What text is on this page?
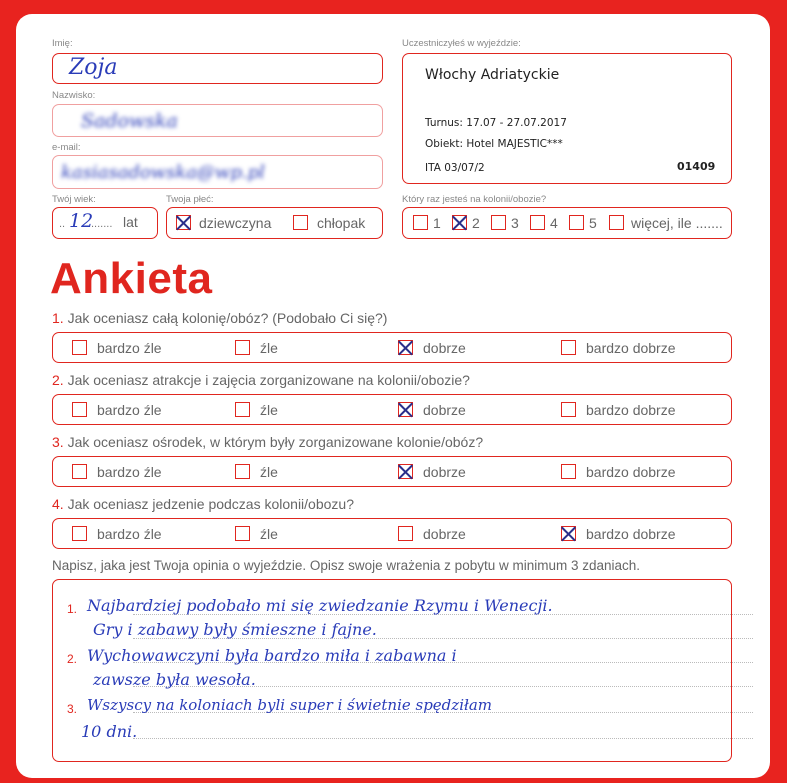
Imię:
Zoja
Nazwisko:
Sadowska
e-mail:
kasiasadowska@wp.pl
Twój wiek:
.. 12
....... lat
Twoja płeć:
dziewczyna	chłopak
Uczestniczyłeś w wyjeździe:
Włochy Adriatyckie
Turnus: 17.07 - 27.07.2017
Obiekt: Hotel MAJESTIC***
ITA 03/07/2	01409
Który raz jesteś na kolonii/obozie?
1 2 3 4 5 więcej, ile .......
Ankieta
1. Jak oceniasz całą kolonię/obóz? (Podobało Ci się?)
bardzo źle	źle	dobrze	bardzo dobrze
2. Jak oceniasz atrakcje i zajęcia zorganizowane na kolonii/obozie?
bardzo źle	źle	dobrze	bardzo dobrze
3. Jak oceniasz ośrodek, w którym były zorganizowane kolonie/obóz?
bardzo źle	źle	dobrze	bardzo dobrze
4. Jak oceniasz jedzenie podczas kolonii/obozu?
bardzo źle	źle	dobrze	bardzo dobrze
Napisz, jaka jest Twoja opinia o wyjeździe. Opisz swoje wrażenia z pobytu w minimum 3 zdaniach.
1.
2.
3.
Najbardziej podobało mi się zwiedzanie Rzymu i Wenecji.
Gry i zabawy były śmieszne i fajne.
Wychowawczyni była bardzo miła i zabawna i
zawsze była wesoła.
Wszyscy na koloniach byli super i świetnie spędziłam
10 dni.
